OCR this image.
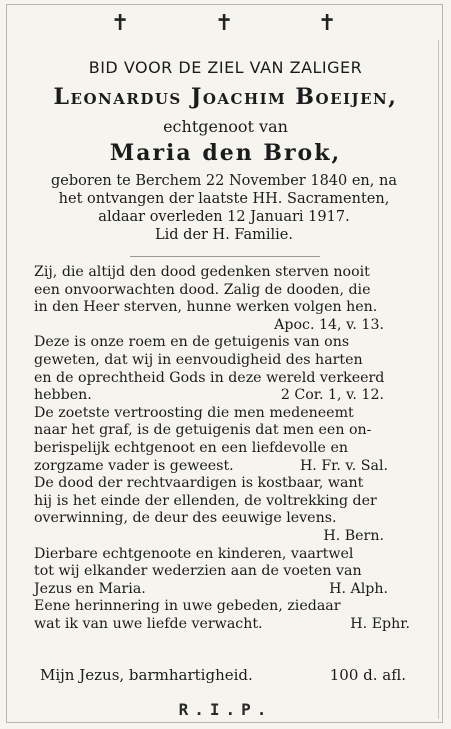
✝	✝	✝
BID VOOR DE ZIEL VAN ZALIGER
Leonardus Joachim Boeijen,
echtgenoot van
Maria den Brok,
geboren te Berchem 22 November 1840 en, na
het ontvangen der laatste HH. Sacramenten,
aldaar overleden 12 Januari 1917.
Lid der H. Familie.
Zij, die altijd den dood gedenken sterven nooit
een onvoorwachten dood. Zalig de dooden, die
in den Heer sterven, hunne werken volgen hen.
Apoc. 14, v. 13.
Deze is onze roem en de getuigenis van ons
geweten, dat wij in eenvoudigheid des harten
en de oprechtheid Gods in deze wereld verkeerd
hebben.	2 Cor. 1, v. 12.
De zoetste vertroosting die men medeneemt
naar het graf, is de getuigenis dat men een on-
berispelijk echtgenoot en een liefdevolle en
zorgzame vader is geweest.	H. Fr. v. Sal.
De dood der rechtvaardigen is kostbaar, want
hij is het einde der ellenden, de voltrekking der
overwinning, de deur des eeuwige levens.
H. Bern.
Dierbare echtgenoote en kinderen, vaartwel
tot wij elkander wederzien aan de voeten van
Jezus en Maria.	H. Alph.
Eene herinnering in uwe gebeden, ziedaar
wat ik van uwe liefde verwacht.	H. Ephr.
Mijn Jezus, barmhartigheid.	100 d. afl.
R.I.P.
